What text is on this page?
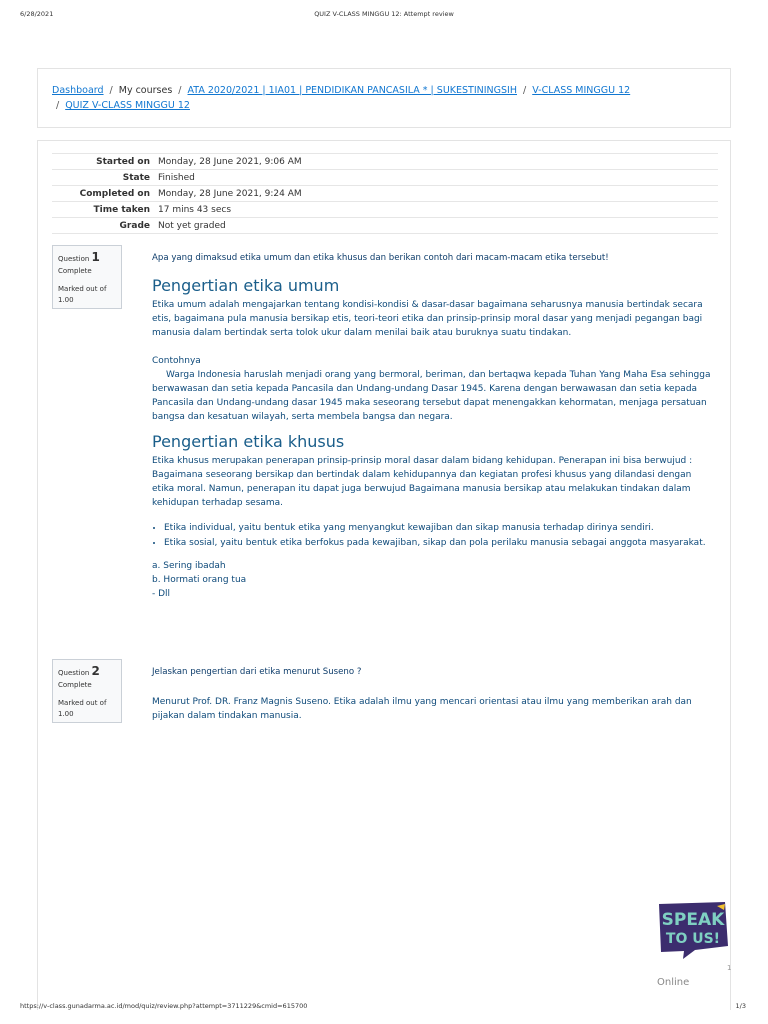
6/28/2021	QUIZ V-CLASS MINGGU 12: Attempt review
Dashboard / My courses / ATA 2020/2021 | 1IA01 | PENDIDIKAN PANCASILA * | SUKESTININGSIH / V-CLASS MINGGU 12
/ QUIZ V-CLASS MINGGU 12
Started on	Monday, 28 June 2021, 9:06 AM
State	Finished
Completed on	Monday, 28 June 2021, 9:24 AM
Time taken	17 mins 43 secs
Grade	Not yet graded
Question 1
Complete
Marked out of 1.00

Apa yang dimaksud etika umum dan etika khusus dan berikan contoh dari macam-macam etika tersebut!

Pengertian etika umum

Etika umum adalah mengajarkan tentang kondisi-kondisi & dasar-dasar bagaimana seharusnya manusia bertindak secara etis, bagaimana pula manusia bersikap etis, teori-teori etika dan prinsip-prinsip moral dasar yang menjadi pegangan bagi manusia dalam bertindak serta tolok ukur dalam menilai baik atau buruknya suatu tindakan.

Contohnya

Warga Indonesia haruslah menjadi orang yang bermoral, beriman, dan bertaqwa kepada Tuhan Yang Maha Esa sehingga berwawasan dan setia kepada Pancasila dan Undang-undang Dasar 1945. Karena dengan berwawasan dan setia kepada Pancasila dan Undang-undang dasar 1945 maka seseorang tersebut dapat menengakkan kehormatan, menjaga persatuan bangsa dan kesatuan wilayah, serta membela bangsa dan negara.

Pengertian etika khusus

Etika khusus merupakan penerapan prinsip-prinsip moral dasar dalam bidang kehidupan. Penerapan ini bisa berwujud : Bagaimana seseorang bersikap dan bertindak dalam kehidupannya dan kegiatan profesi khusus yang dilandasi dengan etika moral. Namun, penerapan itu dapat juga berwujud Bagaimana manusia bersikap atau melakukan tindakan dalam kehidupan terhadap sesama.

• Etika individual, yaitu bentuk etika yang menyangkut kewajiban dan sikap manusia terhadap dirinya sendiri.
• Etika sosial, yaitu bentuk etika berfokus pada kewajiban, sikap dan pola perilaku manusia sebagai anggota masyarakat.

a. Sering ibadah

b. Hormati orang tua

- Dll

Question 2
Complete
Marked out of 1.00

Jelaskan pengertian dari etika menurut Suseno ?

Menurut Prof. DR. Franz Magnis Suseno. Etika adalah ilmu yang mencari orientasi atau ilmu yang memberikan arah dan pijakan dalam tindakan manusia.

SPEAK
TO US!
1
Online
https://v-class.gunadarma.ac.id/mod/quiz/review.php?attempt=3711229&cmid=615700	1/3
